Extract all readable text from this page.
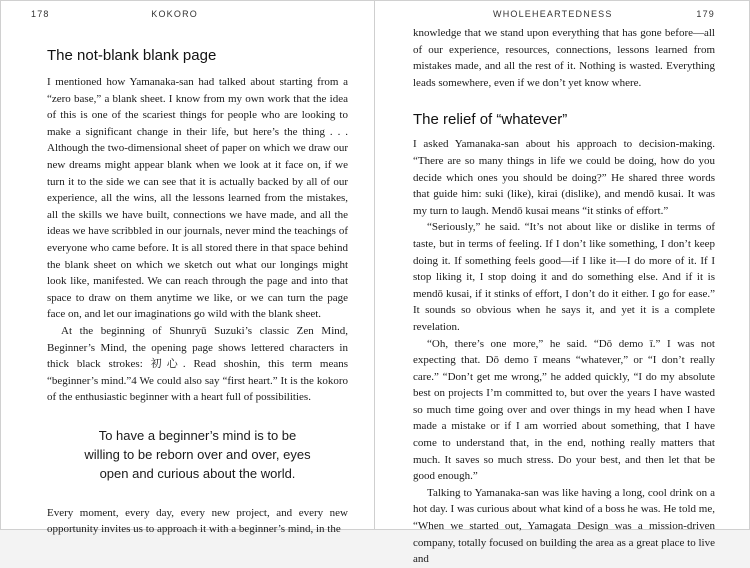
178	KOKORO
The not-blank blank page

I mentioned how Yamanaka-san had talked about starting from a “zero base,” a blank sheet. I know from my own work that the idea of this is one of the scariest things for people who are looking to make a significant change in their life, but here’s the thing . . . Although the two-dimensional sheet of paper on which we draw our new dreams might appear blank when we look at it face on, if we turn it to the side we can see that it is actually backed by all of our experience, all the wins, all the lessons learned from the mistakes, all the skills we have built, connections we have made, and all the ideas we have scribbled in our journals, never mind the teachings of everyone who came before. It is all stored there in that space behind the blank sheet on which we sketch out what our longings might look like, manifested. We can reach through the page and into that space to draw on them anytime we like, or we can turn the page face on, and let our imaginations go wild with the blank sheet.

At the beginning of Shunryū Suzuki’s classic Zen Mind, Beginner’s Mind, the opening page shows lettered characters in thick black strokes: 初心. Read shoshin, this term means “beginner’s mind.”4 We could also say “first heart.” It is the kokoro of the enthusiastic beginner with a heart full of possibilities.

To have a beginner’s mind is to be
willing to be reborn over and over, eyes
open and curious about the world.

Every moment, every day, every new project, and every new opportunity invites us to approach it with a beginner’s mind, in the

WHOLEHEARTEDNESS	179

knowledge that we stand upon everything that has gone before—all of our experience, resources, connections, lessons learned from mistakes made, and all the rest of it. Nothing is wasted. Everything leads somewhere, even if we don’t yet know where.

The relief of “whatever”

I asked Yamanaka-san about his approach to decision-making. “There are so many things in life we could be doing, how do you decide which ones you should be doing?” He shared three words that guide him: suki (like), kirai (dislike), and mendō kusai. It was my turn to laugh. Mendō kusai means “it stinks of effort.”

“Seriously,” he said. “It’s not about like or dislike in terms of taste, but in terms of feeling. If I don’t like something, I don’t keep doing it. If something feels good—if I like it—I do more of it. If I stop liking it, I stop doing it and do something else. And if it is mendō kusai, if it stinks of effort, I don’t do it either. I go for ease.” It sounds so obvious when he says it, and yet it is a complete revelation.

“Oh, there’s one more,” he said. “Dō demo ī.” I was not expecting that. Dō demo ī means “whatever,” or “I don’t really care.” “Don’t get me wrong,” he added quickly, “I do my absolute best on projects I’m committed to, but over the years I have wasted so much time going over and over things in my head when I have made a mistake or if I am worried about something, that I have come to understand that, in the end, nothing really matters that much. It saves so much stress. Do your best, and then let that be good enough.”

Talking to Yamanaka-san was like having a long, cool drink on a hot day. I was curious about what kind of a boss he was. He told me, “When we started out, Yamagata Design was a mission-driven company, totally focused on building the area as a great place to live and
